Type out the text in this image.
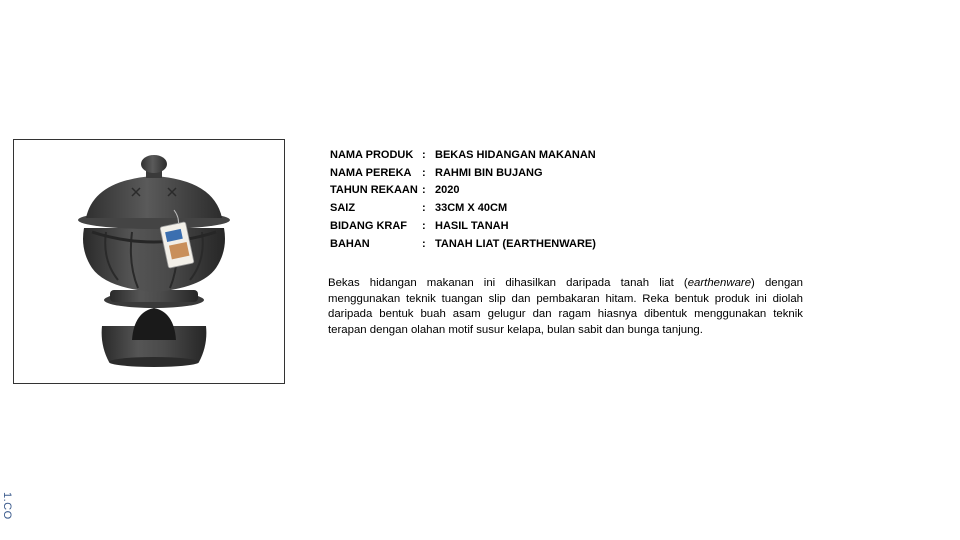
NAMA PRODUK	:	BEKAS HIDANGAN MAKANAN
NAMA PEREKA	:	RAHMI BIN BUJANG
TAHUN REKAAN	:	2020
SAIZ	:	33CM X 40CM
BIDANG KRAF	:	HASIL TANAH
BAHAN	:	TANAH LIAT (EARTHENWARE)

Bekas hidangan makanan ini dihasilkan daripada tanah liat (earthenware) dengan menggunakan teknik tuangan slip dan pembakaran hitam. Reka bentuk produk ini diolah daripada bentuk buah asam gelugur dan ragam hiasnya dibentuk menggunakan teknik terapan dengan olahan motif susur kelapa, bulan sabit dan bunga tanjung.

1.CO
